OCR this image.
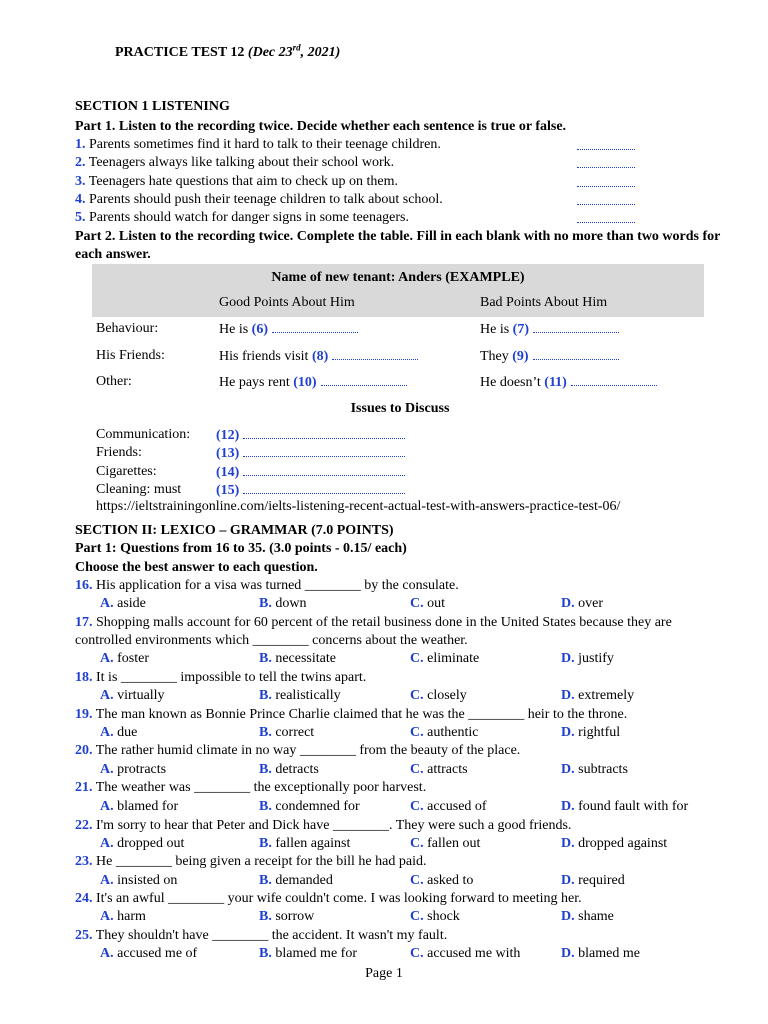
PRACTICE TEST 12 (Dec 23rd, 2021)
SECTION 1 LISTENING
Part 1. Listen to the recording twice. Decide whether each sentence is true or false.
1. Parents sometimes find it hard to talk to their teenage children.
2. Teenagers always like talking about their school work.
3. Teenagers hate questions that aim to check up on them.
4. Parents should push their teenage children to talk about school.
5. Parents should watch for danger signs in some teenagers.
Part 2. Listen to the recording twice. Complete the table. Fill in each blank with no more than two words for each answer.
Name of new tenant: Anders (EXAMPLE)
Good Points About Him	Bad Points About Him
Behaviour:	He is (6)	He is (7)
His Friends:	His friends visit (8)	They (9)
Other:	He pays rent (10)	He doesn’t (11)
Issues to Discuss
Communication: (12)
Friends:	(13)
Cigarettes:	(14)
Cleaning: must (15)
https://ieltstrainingonline.com/ielts-listening-recent-actual-test-with-answers-practice-test-06/
SECTION II: LEXICO – GRAMMAR (7.0 POINTS)
Part 1: Questions from 16 to 35. (3.0 points - 0.15/ each)
Choose the best answer to each question.
16. His application for a visa was turned ________ by the consulate.
A. aside	B. down	C. out	D. over
17. Shopping malls account for 60 percent of the retail business done in the United States because they are controlled environments which ________ concerns about the weather.
A. foster	B. necessitate	C. eliminate	D. justify
18. It is ________ impossible to tell the twins apart.
A. virtually	B. realistically	C. closely	D. extremely
19. The man known as Bonnie Prince Charlie claimed that he was the ________ heir to the throne.
A. due	B. correct	C. authentic	D. rightful
20. The rather humid climate in no way ________ from the beauty of the place.
A. protracts	B. detracts	C. attracts	D. subtracts
21. The weather was ________ the exceptionally poor harvest.
A. blamed for	B. condemned for	C. accused of	D. found fault with for
22. I'm sorry to hear that Peter and Dick have ________. They were such a good friends.
A. dropped out	B. fallen against	C. fallen out	D. dropped against
23. He ________ being given a receipt for the bill he had paid.
A. insisted on	B. demanded	C. asked to	D. required
24. It's an awful ________ your wife couldn't come. I was looking forward to meeting her.
A. harm	B. sorrow	C. shock	D. shame
25. They shouldn't have ________ the accident. It wasn't my fault.
A. accused me of	B. blamed me for	C. accused me with	D. blamed me
Page 1
